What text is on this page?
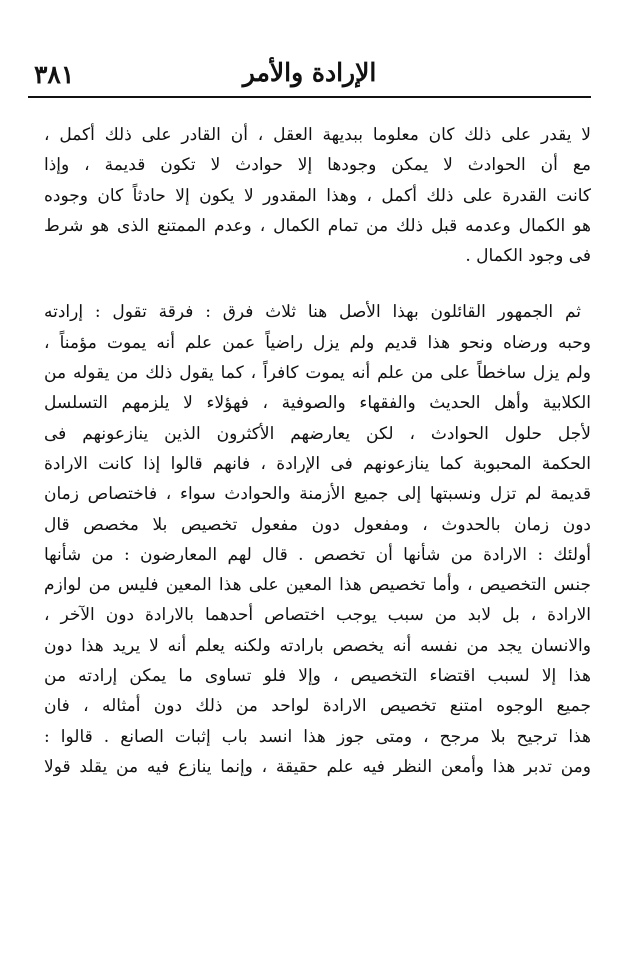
٣٨١	الإرادة والأمر
لا يقدر على ذلك كان معلوما ببديهة العقل ، أن القادر على ذلك أكمل ،
مع أن الحوادث لا يمكن وجودها إلا حوادث لا تكون قديمة ، وإذا
كانت القدرة على ذلك أكمل ، وهذا المقدور لا يكون إلا حادثاً كان وجوده
هو الكمال وعدمه قبل ذلك من تمام الكمال ، وعدم الممتنع الذى هو شرط
فى وجود الكمال .
ثم الجمهور القائلون بهذا الأصل هنا ثلاث فرق : فرقة تقول : إرادته
وحبه ورضاه ونحو هذا قديم ولم يزل راضياً عمن علم أنه يموت مؤمناً ،
ولم يزل ساخطاً على من علم أنه يموت كافراً ، كما يقول ذلك من يقوله من
الكلابية وأهل الحديث والفقهاء والصوفية ، فهؤلاء لا يلزمهم التسلسل
لأجل حلول الحوادث ، لكن يعارضهم الأكثرون الذين ينازعونهم فى
الحكمة المحبوبة كما ينازعونهم فى الإرادة ، فانهم قالوا إذا كانت الارادة
قديمة لم تزل ونسبتها إلى جميع الأزمنة والحوادث سواء ، فاختصاص زمان
دون زمان بالحدوث ، ومفعول دون مفعول تخصيص بلا مخصص قال
أولئك : الارادة من شأنها أن تخصص . قال لهم المعارضون : من شأنها
جنس التخصيص ، وأما تخصيص هذا المعين على هذا المعين فليس من لوازم
الارادة ، بل لابد من سبب يوجب اختصاص أحدهما بالارادة دون الآخر ،
والانسان يجد من نفسه أنه يخصص بارادته ولكنه يعلم أنه لا يريد هذا دون
هذا إلا لسبب اقتضاء التخصيص ، وإلا فلو تساوى ما يمكن إرادته من
جميع الوجوه امتنع تخصيص الارادة لواحد من ذلك دون أمثاله ، فان
هذا ترجيح بلا مرجح ، ومتى جوز هذا انسد باب إثبات الصانع . قالوا :
ومن تدبر هذا وأمعن النظر فيه علم حقيقة ، وإنما ينازع فيه من يقلد قولا
